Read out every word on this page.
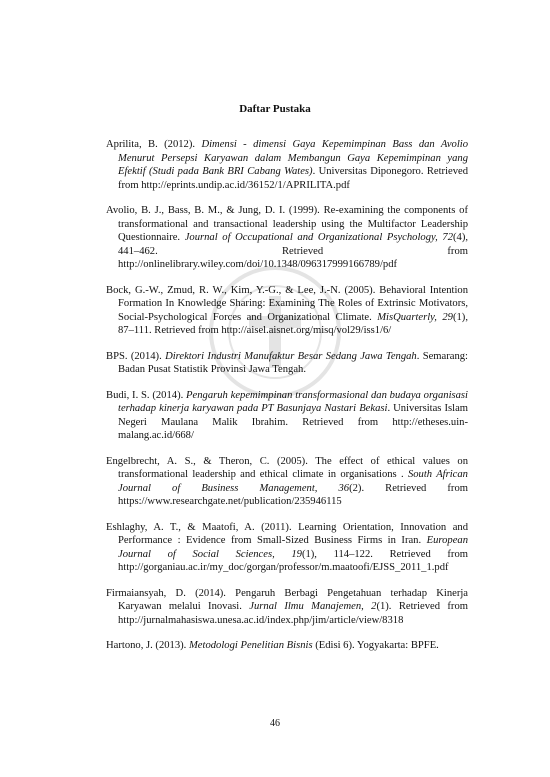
Daftar Pustaka

Aprilita, B. (2012). Dimensi - dimensi Gaya Kepemimpinan Bass dan Avolio Menurut Persepsi Karyawan dalam Membangun Gaya Kepemimpinan yang Efektif (Studi pada Bank BRI Cabang Wates). Universitas Diponegoro. Retrieved from http://eprints.undip.ac.id/36152/1/APRILITA.pdf

Avolio, B. J., Bass, B. M., & Jung, D. I. (1999). Re-examining the components of transformational and transactional leadership using the Multifactor Leadership Questionnaire. Journal of Occupational and Organizational Psychology, 72(4), 441–462. Retrieved from http://onlinelibrary.wiley.com/doi/10.1348/096317999166789/pdf

Bock, G.-W., Zmud, R. W., Kim, Y.-G., & Lee, J.-N. (2005). Behavioral Intention Formation In Knowledge Sharing: Examining The Roles of Extrinsic Motivators, Social-Psychological Forces and Organizational Climate. MisQuarterly, 29(1), 87–111. Retrieved from http://aisel.aisnet.org/misq/vol29/iss1/6/

BPS. (2014). Direktori Industri Manufaktur Besar Sedang Jawa Tengah. Semarang: Badan Pusat Statistik Provinsi Jawa Tengah.

Budi, I. S. (2014). Pengaruh kepemimpinan transformasional dan budaya organisasi terhadap kinerja karyawan pada PT Basunjaya Nastari Bekasi. Universitas Islam Negeri Maulana Malik Ibrahim. Retrieved from http://etheses.uin-malang.ac.id/668/

Engelbrecht, A. S., & Theron, C. (2005). The effect of ethical values on transformational leadership and ethical climate in organisations . South African Journal of Business Management, 36(2). Retrieved from https://www.researchgate.net/publication/235946115

Eshlaghy, A. T., & Maatofi, A. (2011). Learning Orientation, Innovation and Performance : Evidence from Small-Sized Business Firms in Iran. European Journal of Social Sciences, 19(1), 114–122. Retrieved from http://gorganiau.ac.ir/my_doc/gorgan/professor/m.maatoofi/EJSS_2011_1.pdf

Firmaiansyah, D. (2014). Pengaruh Berbagi Pengetahuan terhadap Kinerja Karyawan melalui Inovasi. Jurnal Ilmu Manajemen, 2(1). Retrieved from http://jurnalmahasiswa.unesa.ac.id/index.php/jim/article/view/8318

Hartono, J. (2013). Metodologi Penelitian Bisnis (Edisi 6). Yogyakarta: BPFE.

46
